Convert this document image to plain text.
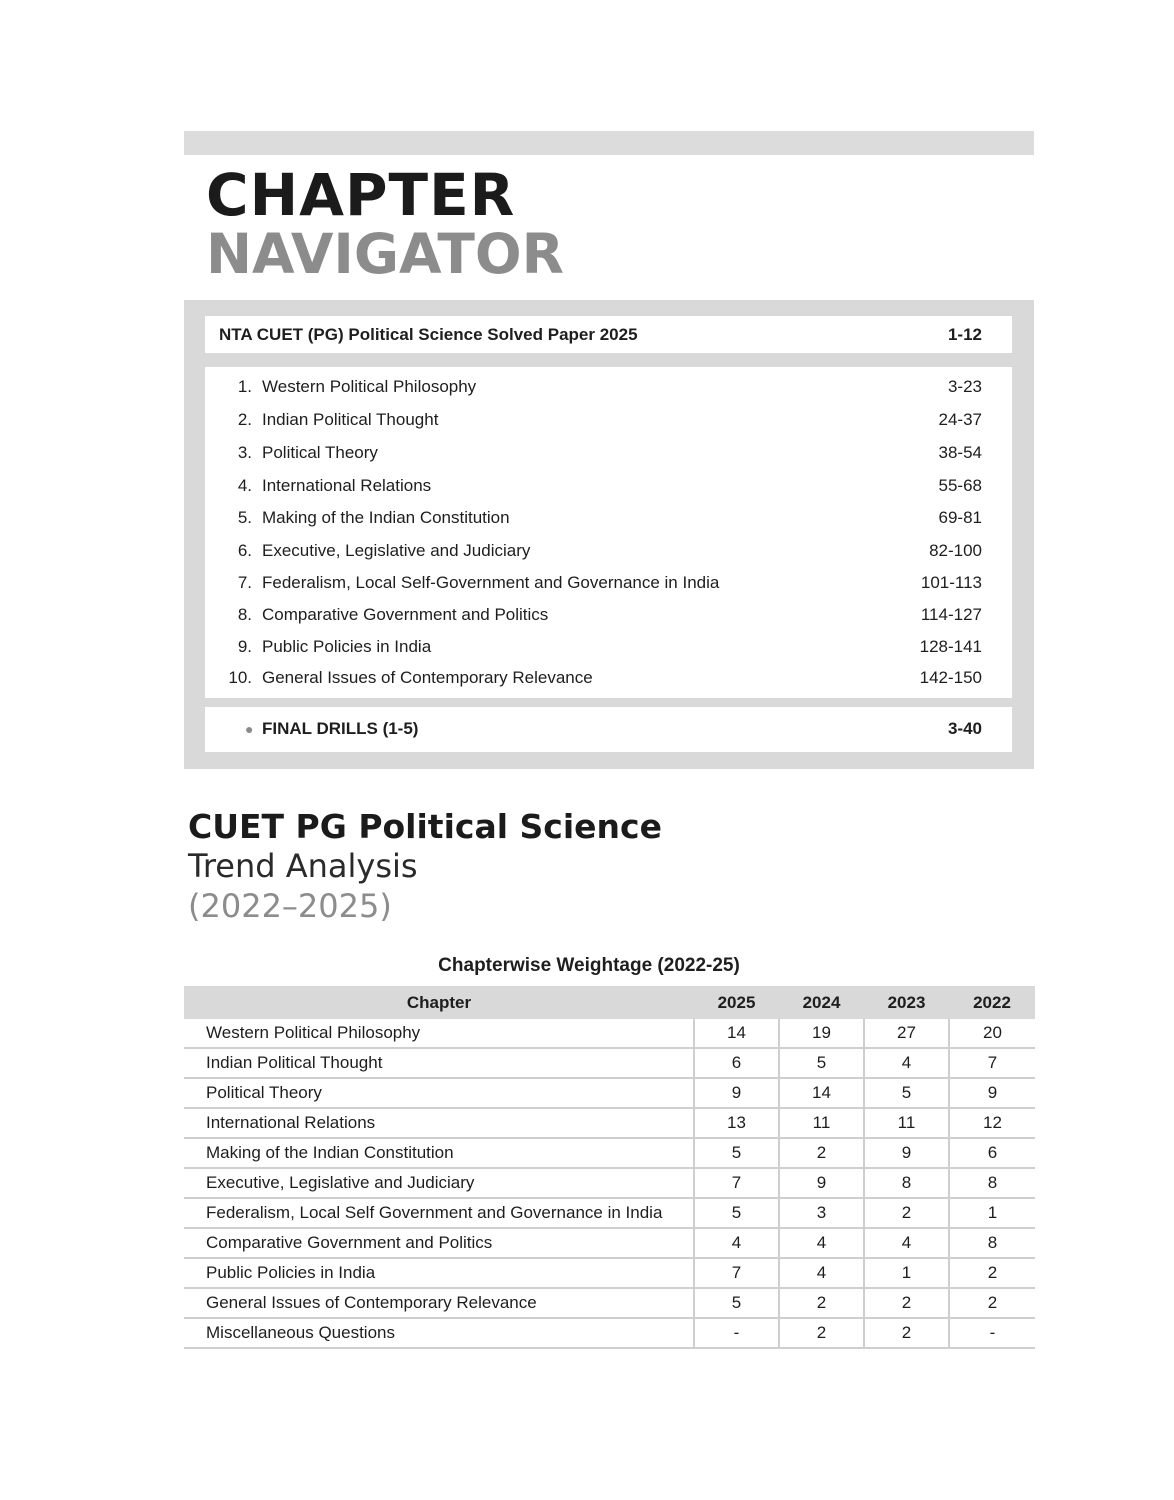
CHAPTER
NAVIGATOR
NTA CUET (PG) Political Science Solved Paper 2025	1-12
1. Western Political Philosophy	3-23
2. Indian Political Thought	24-37
3. Political Theory	38-54
4. International Relations	55-68
5. Making of the Indian Constitution	69-81
6. Executive, Legislative and Judiciary	82-100
7. Federalism, Local Self-Government and Governance in India	101-113
8. Comparative Government and Politics	114-127
9. Public Policies in India	128-141
10. General Issues of Contemporary Relevance	142-150
● FINAL DRILLS (1-5)	3-40
CUET PG Political Science
Trend Analysis
(2022–2025)
Chapterwise Weightage (2022-25)
Chapter	2025	2024	2023	2022
Western Political Philosophy	14	19	27	20
Indian Political Thought	6	5	4	7
Political Theory	9	14	5	9
International Relations	13	11	11	12
Making of the Indian Constitution	5	2	9	6
Executive, Legislative and Judiciary	7	9	8	8
Federalism, Local Self Government and Governance in India	5	3	2	1
Comparative Government and Politics	4	4	4	8
Public Policies in India	7	4	1	2
General Issues of Contemporary Relevance	5	2	2	2
Miscellaneous Questions	-	2	2	-
